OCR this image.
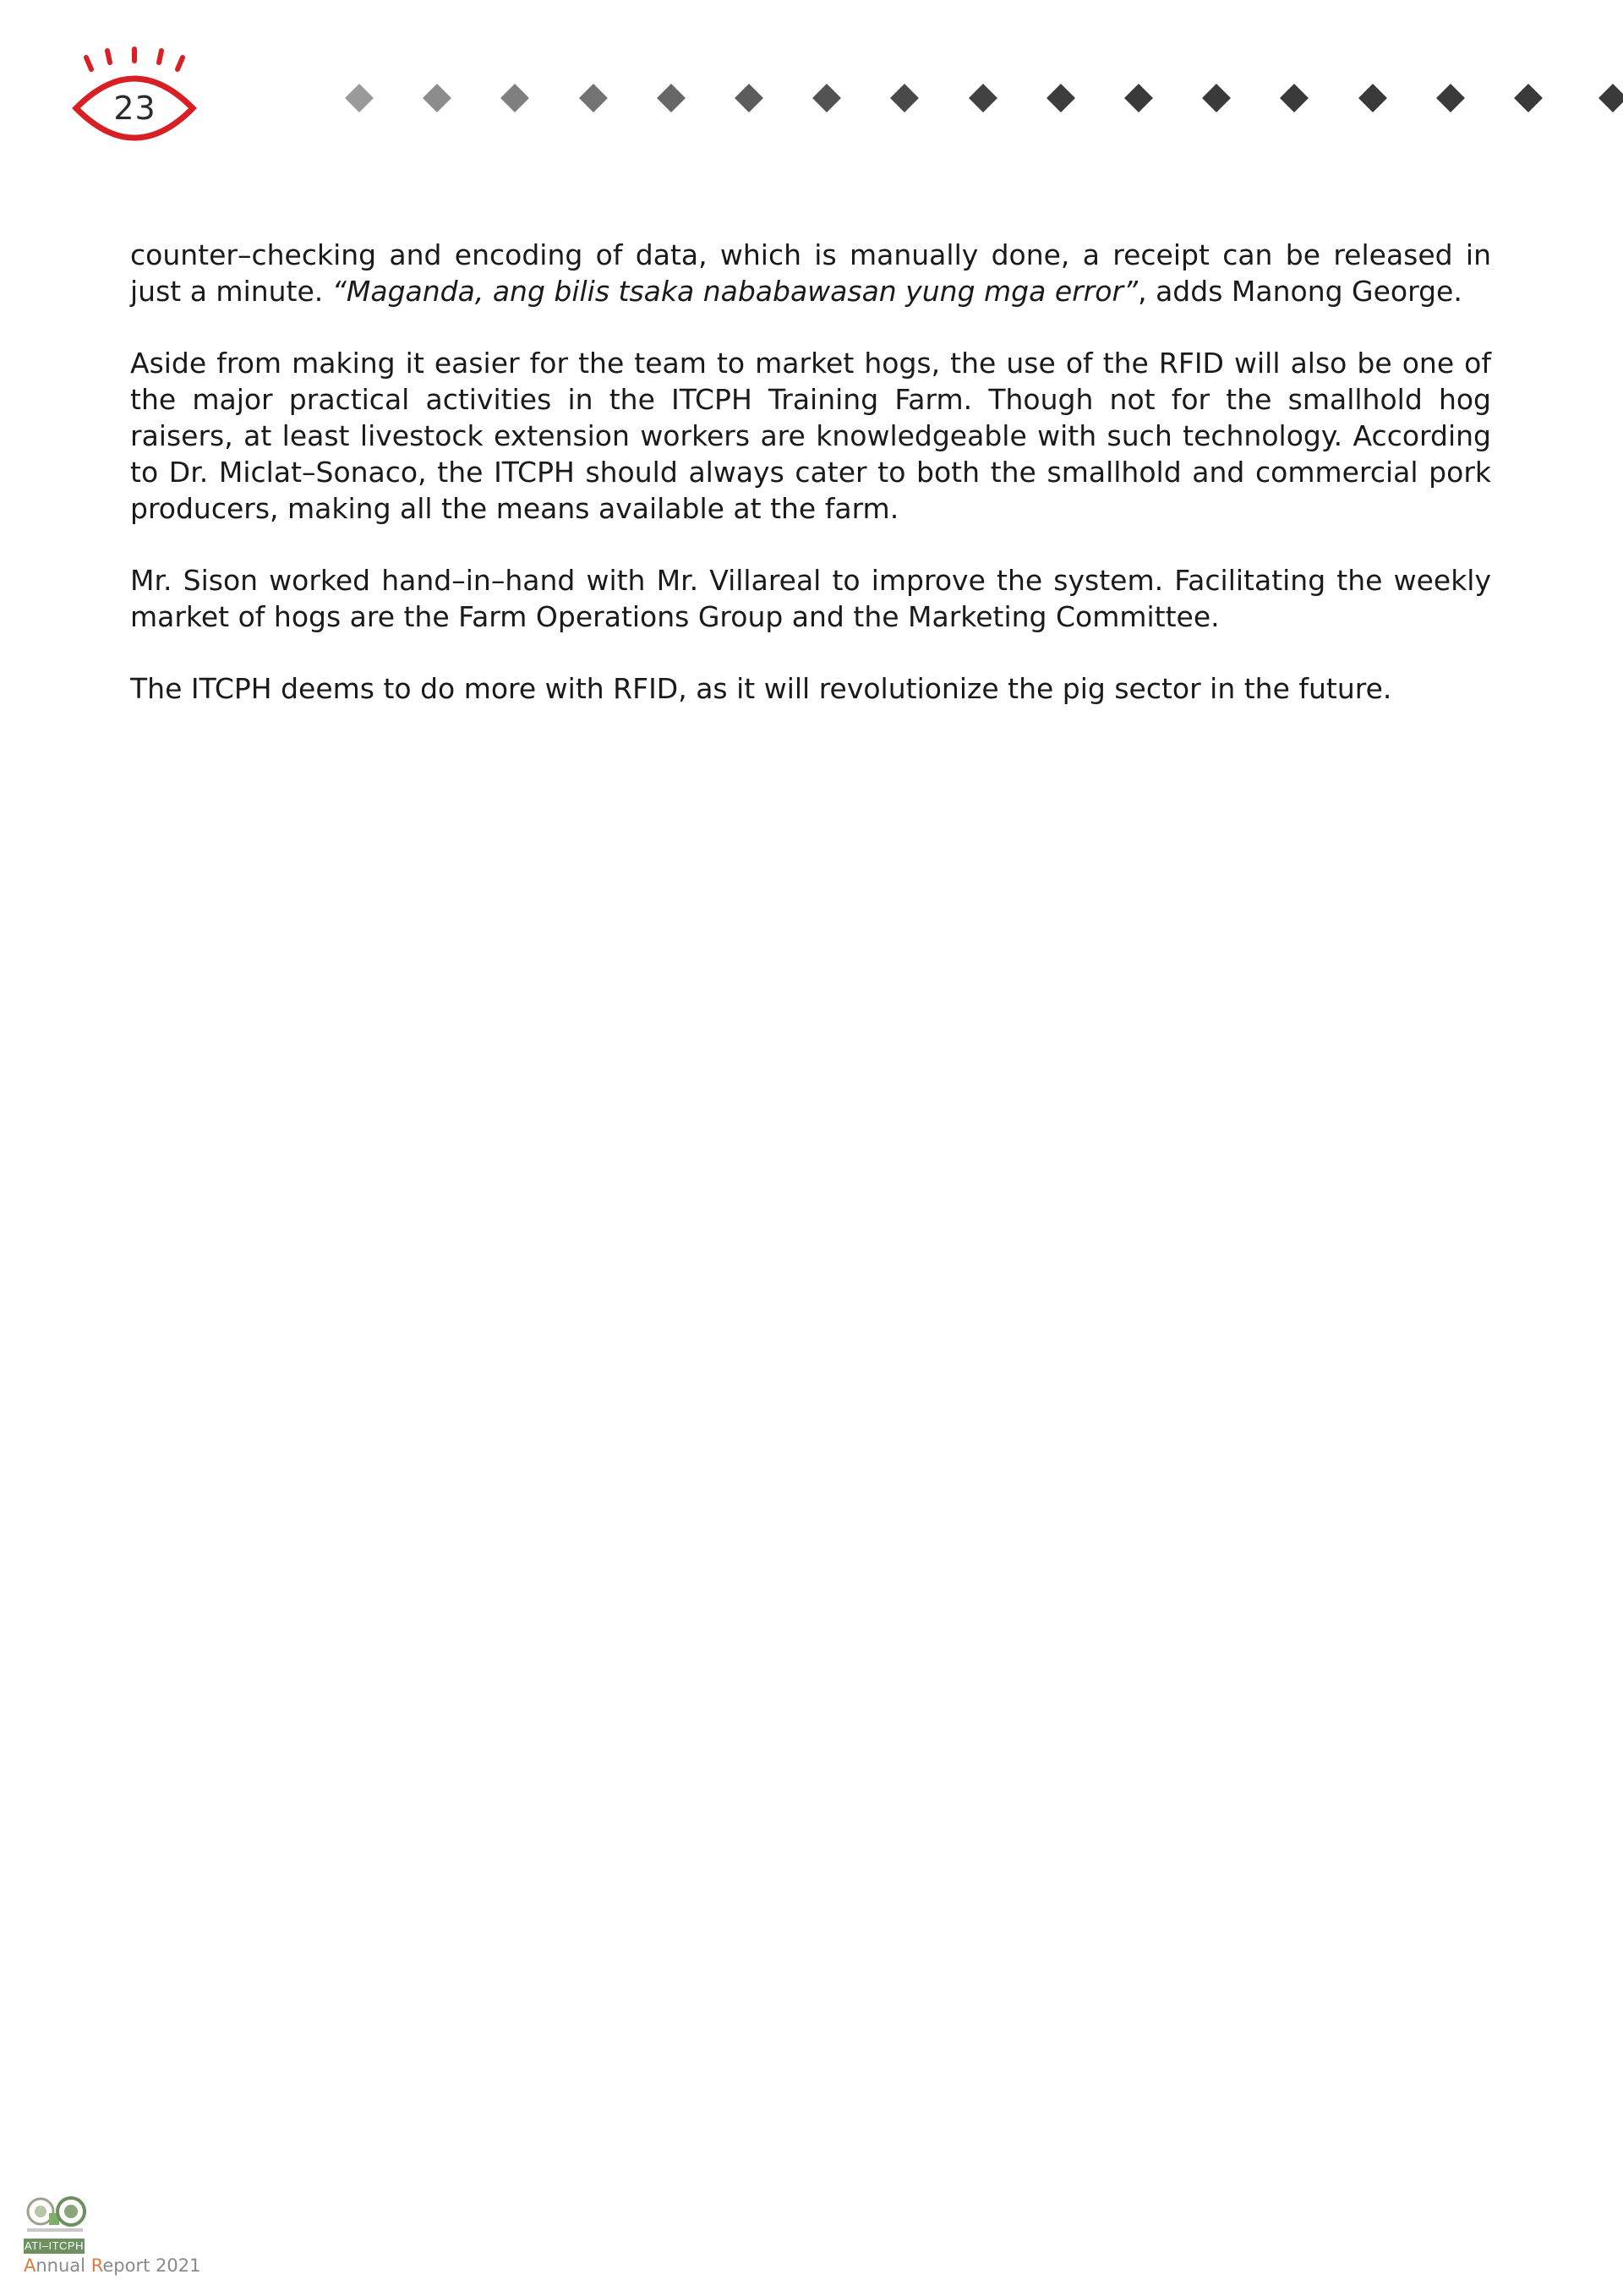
23

counter–checking and encoding of data, which is manually done, a receipt can be released in just a minute. “Maganda, ang bilis tsaka nababawasan yung mga error”, adds Manong George.

Aside from making it easier for the team to market hogs, the use of the RFID will also be one of the major practical activities in the ITCPH Training Farm. Though not for the smallhold hog raisers, at least livestock extension workers are knowledgeable with such technology. According to Dr. Miclat–Sonaco, the ITCPH should always cater to both the smallhold and commercial pork producers, making all the means available at the farm.

Mr. Sison worked hand–in–hand with Mr. Villareal to improve the system. Facilitating the weekly market of hogs are the Farm Operations Group and the Marketing Committee.

The ITCPH deems to do more with RFID, as it will revolutionize the pig sector in the future.

ATI–ITCPH
Annual Report 2021
